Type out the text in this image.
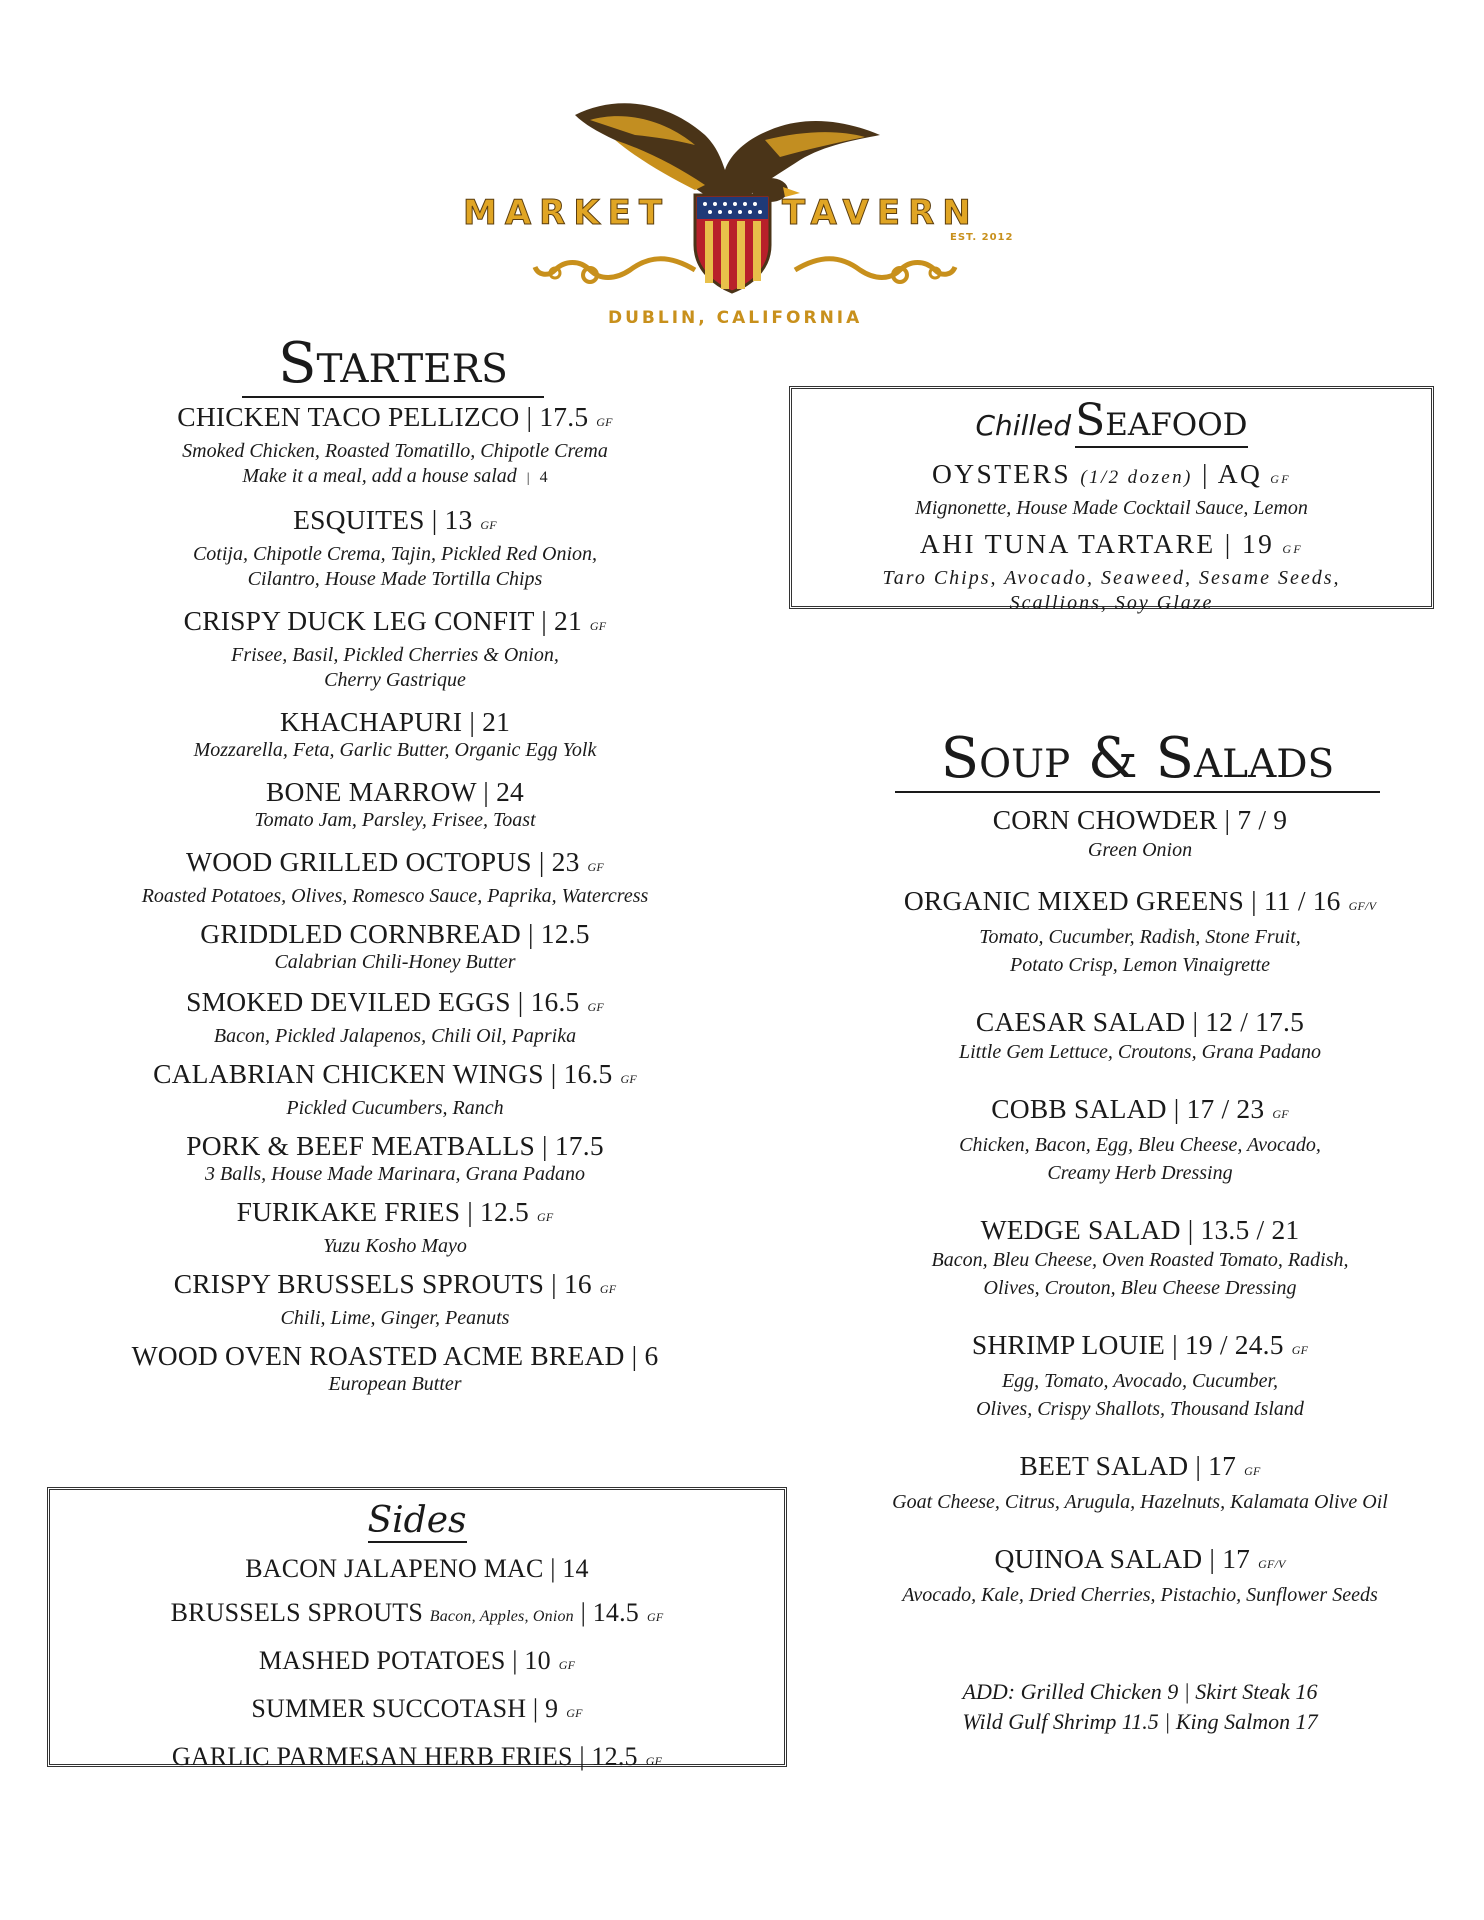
MARKET	TAVERN
EST. 2012
DUBLIN, CALIFORNIA
Starters
CHICKEN TACO PELLIZCO | 17.5 GF
Smoked Chicken, Roasted Tomatillo, Chipotle Crema
Make it a meal, add a house salad | 4
ESQUITES | 13 GF
Cotija, Chipotle Crema, Tajin, Pickled Red Onion,
Cilantro, House Made Tortilla Chips
CRISPY DUCK LEG CONFIT | 21 GF
Frisee, Basil, Pickled Cherries & Onion,
Cherry Gastrique
KHACHAPURI | 21
Mozzarella, Feta, Garlic Butter, Organic Egg Yolk
BONE MARROW | 24
Tomato Jam, Parsley, Frisee, Toast
WOOD GRILLED OCTOPUS | 23 GF
Roasted Potatoes, Olives, Romesco Sauce, Paprika, Watercress
GRIDDLED CORNBREAD | 12.5
Calabrian Chili-Honey Butter
SMOKED DEVILED EGGS | 16.5 GF
Bacon, Pickled Jalapenos, Chili Oil, Paprika
CALABRIAN CHICKEN WINGS | 16.5 GF
Pickled Cucumbers, Ranch
PORK & BEEF MEATBALLS | 17.5
3 Balls, House Made Marinara, Grana Padano
FURIKAKE FRIES | 12.5 GF
Yuzu Kosho Mayo
CRISPY BRUSSELS SPROUTS | 16 GF
Chili, Lime, Ginger, Peanuts
WOOD OVEN ROASTED ACME BREAD | 6
European Butter
Sides
BACON JALAPENO MAC | 14
BRUSSELS SPROUTS Bacon, Apples, Onion | 14.5 GF
MASHED POTATOES | 10 GF
SUMMER SUCCOTASH | 9 GF
GARLIC PARMESAN HERB FRIES | 12.5 GF
ChilledSeafood
OYSTERS (1/2 dozen) | AQ GF
Mignonette, House Made Cocktail Sauce, Lemon
AHI TUNA TARTARE | 19 GF
Taro Chips, Avocado, Seaweed, Sesame Seeds,
Scallions, Soy Glaze
Soup & Salads
CORN CHOWDER | 7 / 9
Green Onion
ORGANIC MIXED GREENS | 11 / 16 GF/V
Tomato, Cucumber, Radish, Stone Fruit,
Potato Crisp, Lemon Vinaigrette
CAESAR SALAD | 12 / 17.5
Little Gem Lettuce, Croutons, Grana Padano
COBB SALAD | 17 / 23 GF
Chicken, Bacon, Egg, Bleu Cheese, Avocado,
Creamy Herb Dressing
WEDGE SALAD | 13.5 / 21
Bacon, Bleu Cheese, Oven Roasted Tomato, Radish,
Olives, Crouton, Bleu Cheese Dressing
SHRIMP LOUIE | 19 / 24.5 GF
Egg, Tomato, Avocado, Cucumber,
Olives, Crispy Shallots, Thousand Island
BEET SALAD | 17 GF
Goat Cheese, Citrus, Arugula, Hazelnuts, Kalamata Olive Oil
QUINOA SALAD | 17 GF/V
Avocado, Kale, Dried Cherries, Pistachio, Sunflower Seeds
ADD: Grilled Chicken 9 | Skirt Steak 16
Wild Gulf Shrimp 11.5 | King Salmon 17
